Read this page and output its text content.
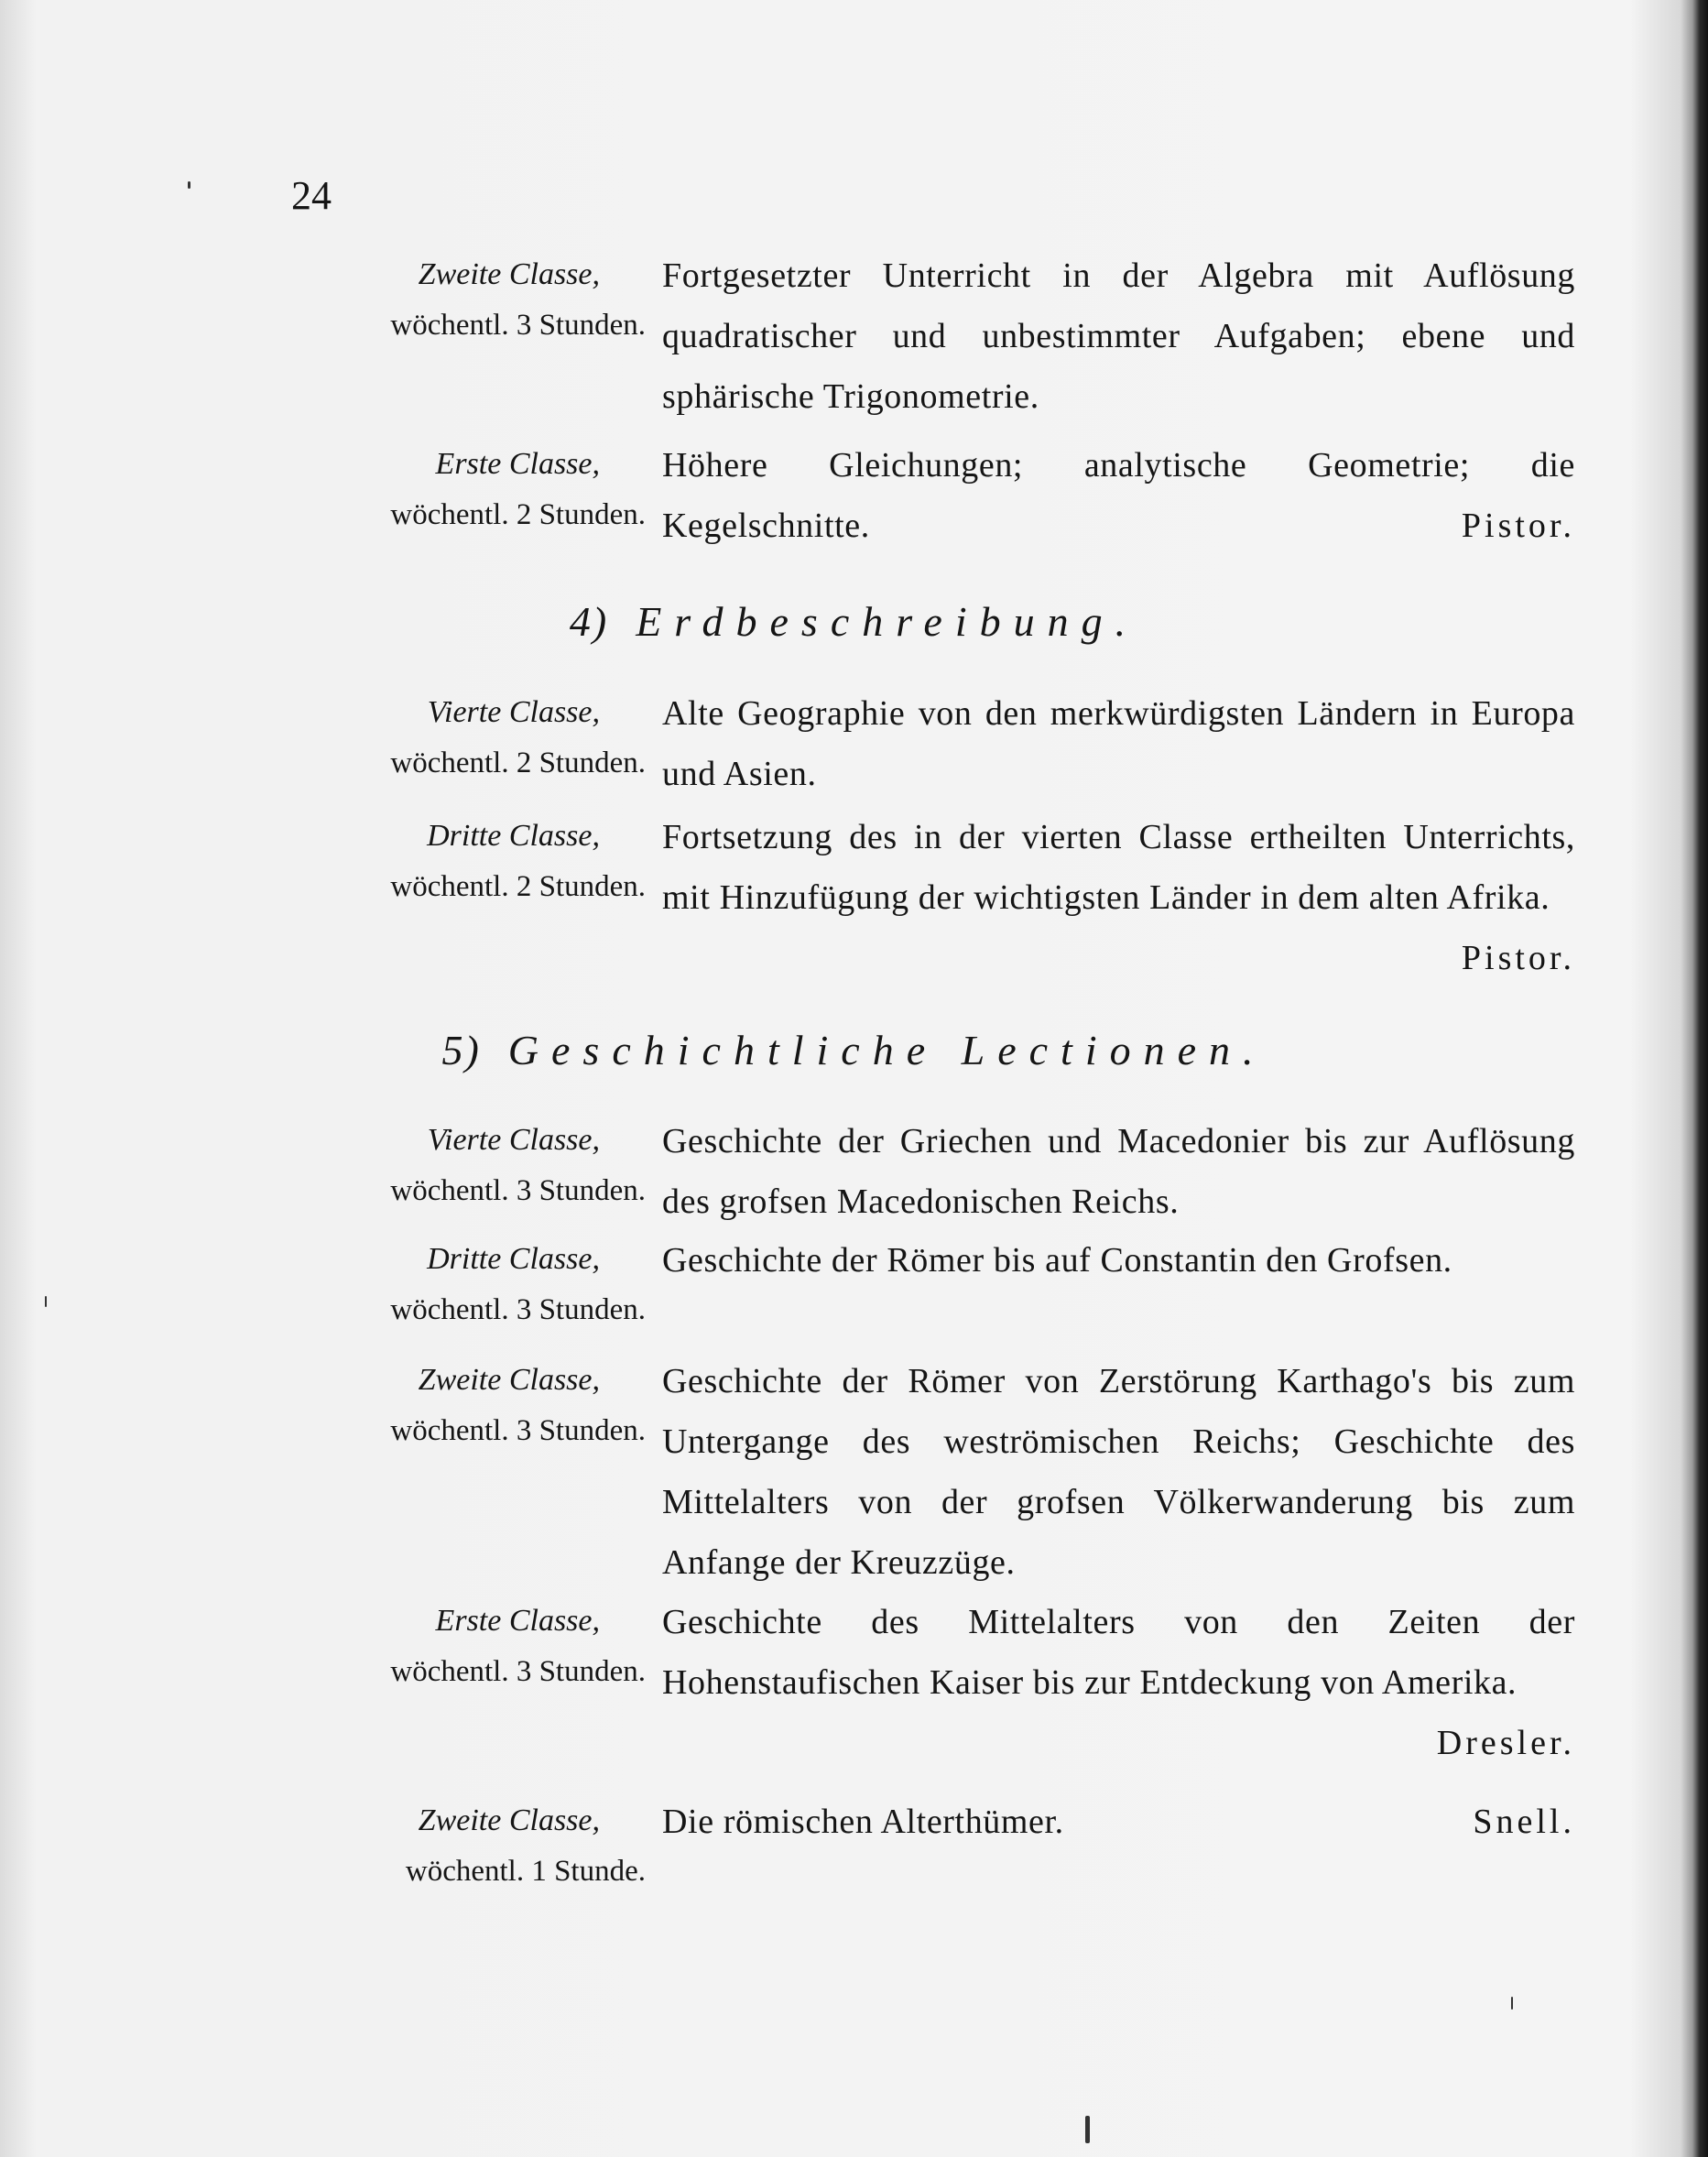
24
Zweite Classe,
wöchentl. 3 Stunden.
Fortgesetzter Unterricht in der Algebra mit Auflösung quadratischer und unbestimmter Aufgaben; ebene und sphärische Trigonometrie.
Erste Classe,
wöchentl. 2 Stunden.
Höhere Gleichungen; analytische Geometrie; die Kegelschnitte.	Pistor.
4) Erdbeschreibung.
Vierte Classe,
wöchentl. 2 Stunden.
Alte Geographie von den merkwürdigsten Ländern in Europa und Asien.
Dritte Classe,
wöchentl. 2 Stunden.
Fortsetzung des in der vierten Classe ertheilten Unterrichts, mit Hinzufügung der wichtigsten Länder in dem alten Afrika.
Pistor.
5) Geschichtliche Lectionen.
Vierte Classe,
wöchentl. 3 Stunden.
Geschichte der Griechen und Macedonier bis zur Auflösung des grofsen Macedonischen Reichs.
Dritte Classe,
wöchentl. 3 Stunden.
Geschichte der Römer bis auf Constantin den Grofsen.
Zweite Classe,
wöchentl. 3 Stunden.
Geschichte der Römer von Zerstörung Karthago's bis zum Untergange des weströmischen Reichs; Geschichte des Mittelalters von der grofsen Völkerwanderung bis zum Anfange der Kreuzzüge.
Erste Classe,
wöchentl. 3 Stunden.
Geschichte des Mittelalters von den Zeiten der Hohenstaufischen Kaiser bis zur Entdeckung von Amerika.
Dresler.
Zweite Classe,
wöchentl. 1 Stunde.
Die römischen Alterthümer.	Snell.
